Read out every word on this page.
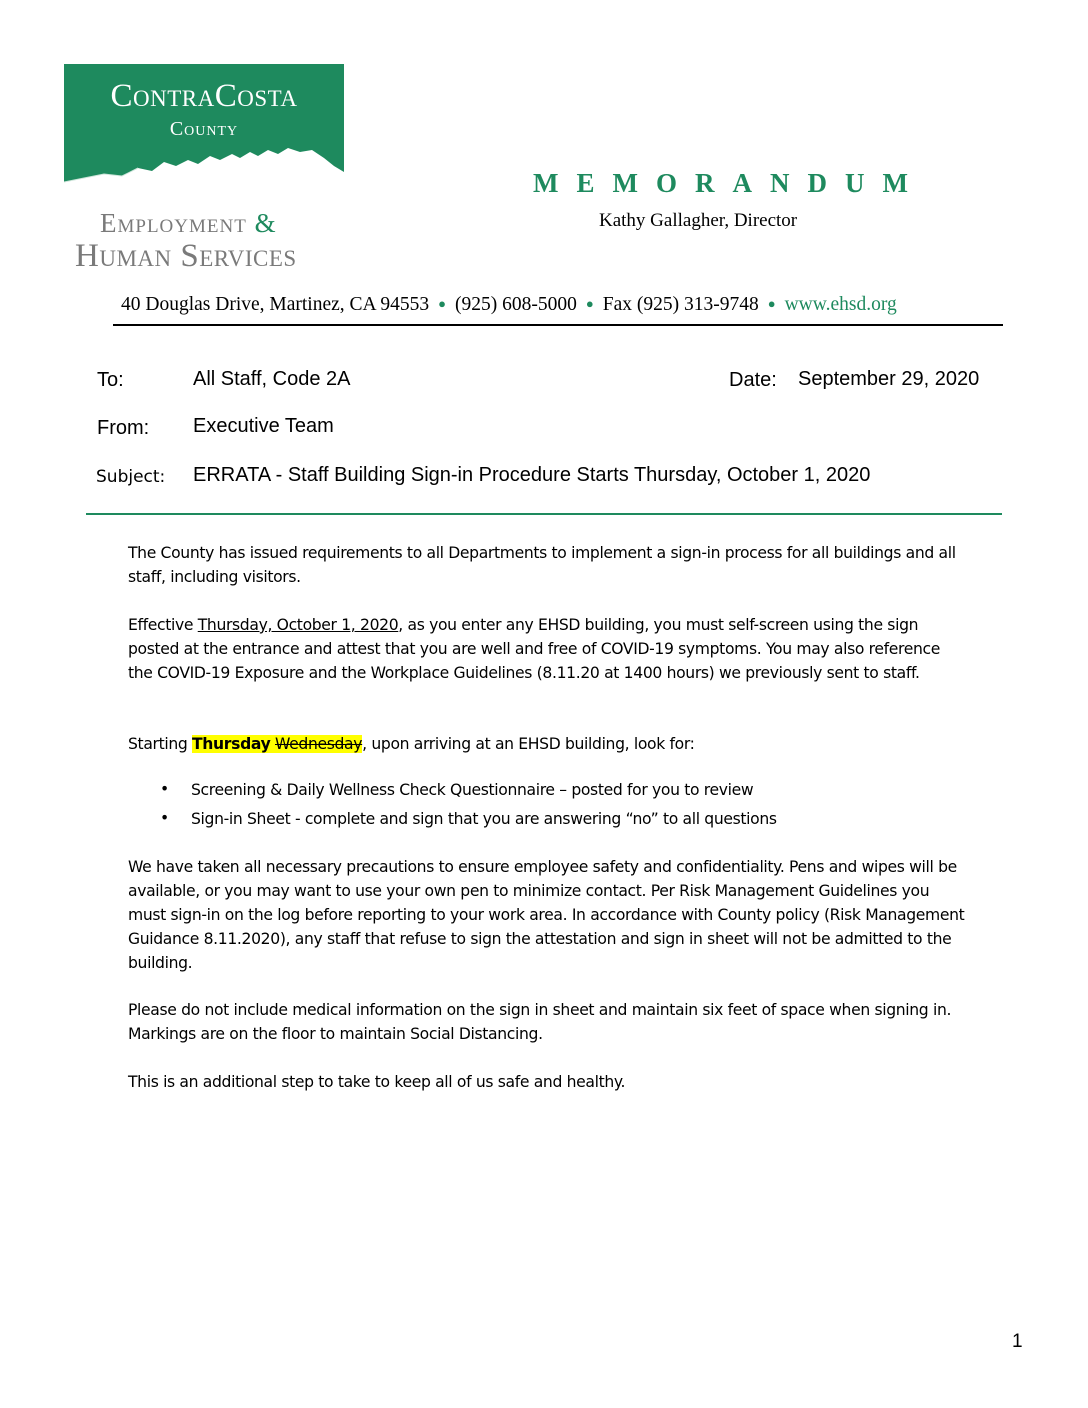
ContraCosta
County
Employment &
Human Services
MEMORANDUM
Kathy Gallagher, Director
40 Douglas Drive, Martinez, CA 94553 ● (925) 608-5000 ● Fax (925) 313-9748 ● www.ehsd.org
To:	All Staff, Code 2A	Date: September 29, 2020
From: Executive Team
Subject: ERRATA - Staff Building Sign-in Procedure Starts Thursday, October 1, 2020

The County has issued requirements to all Departments to implement a sign-in process for all buildings and all staff, including visitors.

Effective Thursday, October 1, 2020, as you enter any EHSD building, you must self-screen using the sign posted at the entrance and attest that you are well and free of COVID-19 symptoms. You may also reference the COVID-19 Exposure and the Workplace Guidelines (8.11.20 at 1400 hours) we previously sent to staff.

Starting Thursday Wednesday, upon arriving at an EHSD building, look for:

• Screening & Daily Wellness Check Questionnaire – posted for you to review
• Sign-in Sheet - complete and sign that you are answering “no” to all questions

We have taken all necessary precautions to ensure employee safety and confidentiality. Pens and wipes will be available, or you may want to use your own pen to minimize contact. Per Risk Management Guidelines you must sign-in on the log before reporting to your work area. In accordance with County policy (Risk Management Guidance 8.11.2020), any staff that refuse to sign the attestation and sign in sheet will not be admitted to the building.

Please do not include medical information on the sign in sheet and maintain six feet of space when signing in. Markings are on the floor to maintain Social Distancing.

This is an additional step to take to keep all of us safe and healthy.

1
